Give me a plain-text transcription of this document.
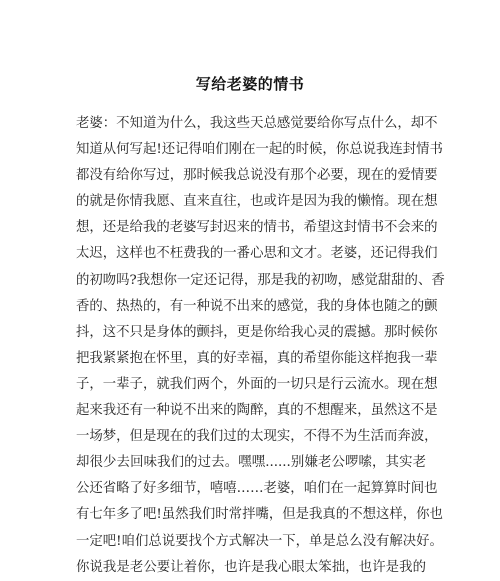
写给老婆的情书
老婆：不知道为什么，我这些天总感觉要给你写点什么，却不
知道从何写起!还记得咱们刚在一起的时候，你总说我连封情书
都没有给你写过，那时候我总说没有那个必要，现在的爱情要
的就是你情我愿、直来直往，也或许是因为我的懒惰。现在想
想，还是给我的老婆写封迟来的情书，希望这封情书不会来的
太迟，这样也不枉费我的一番心思和文才。老婆，还记得我们
的初吻吗?我想你一定还记得，那是我的初吻，感觉甜甜的、香
香的、热热的，有一种说不出来的感觉，我的身体也随之的颤
抖，这不只是身体的颤抖，更是你给我心灵的震撼。那时候你
把我紧紧抱在怀里，真的好幸福，真的希望你能这样抱我一辈
子，一辈子，就我们两个，外面的一切只是行云流水。现在想
起来我还有一种说不出来的陶醉，真的不想醒来，虽然这不是
一场梦，但是现在的我们过的太现实，不得不为生活而奔波，
却很少去回味我们的过去。嘿嘿......别嫌老公啰嗦，其实老
公还省略了好多细节，嘻嘻……老婆，咱们在一起算算时间也
有七年多了吧!虽然我们时常拌嘴，但是我真的不想这样，你也
一定吧!咱们总说要找个方式解决一下，单是总么没有解决好。
你说我是老公要让着你，也许是我心眼太笨拙，也许是我的
